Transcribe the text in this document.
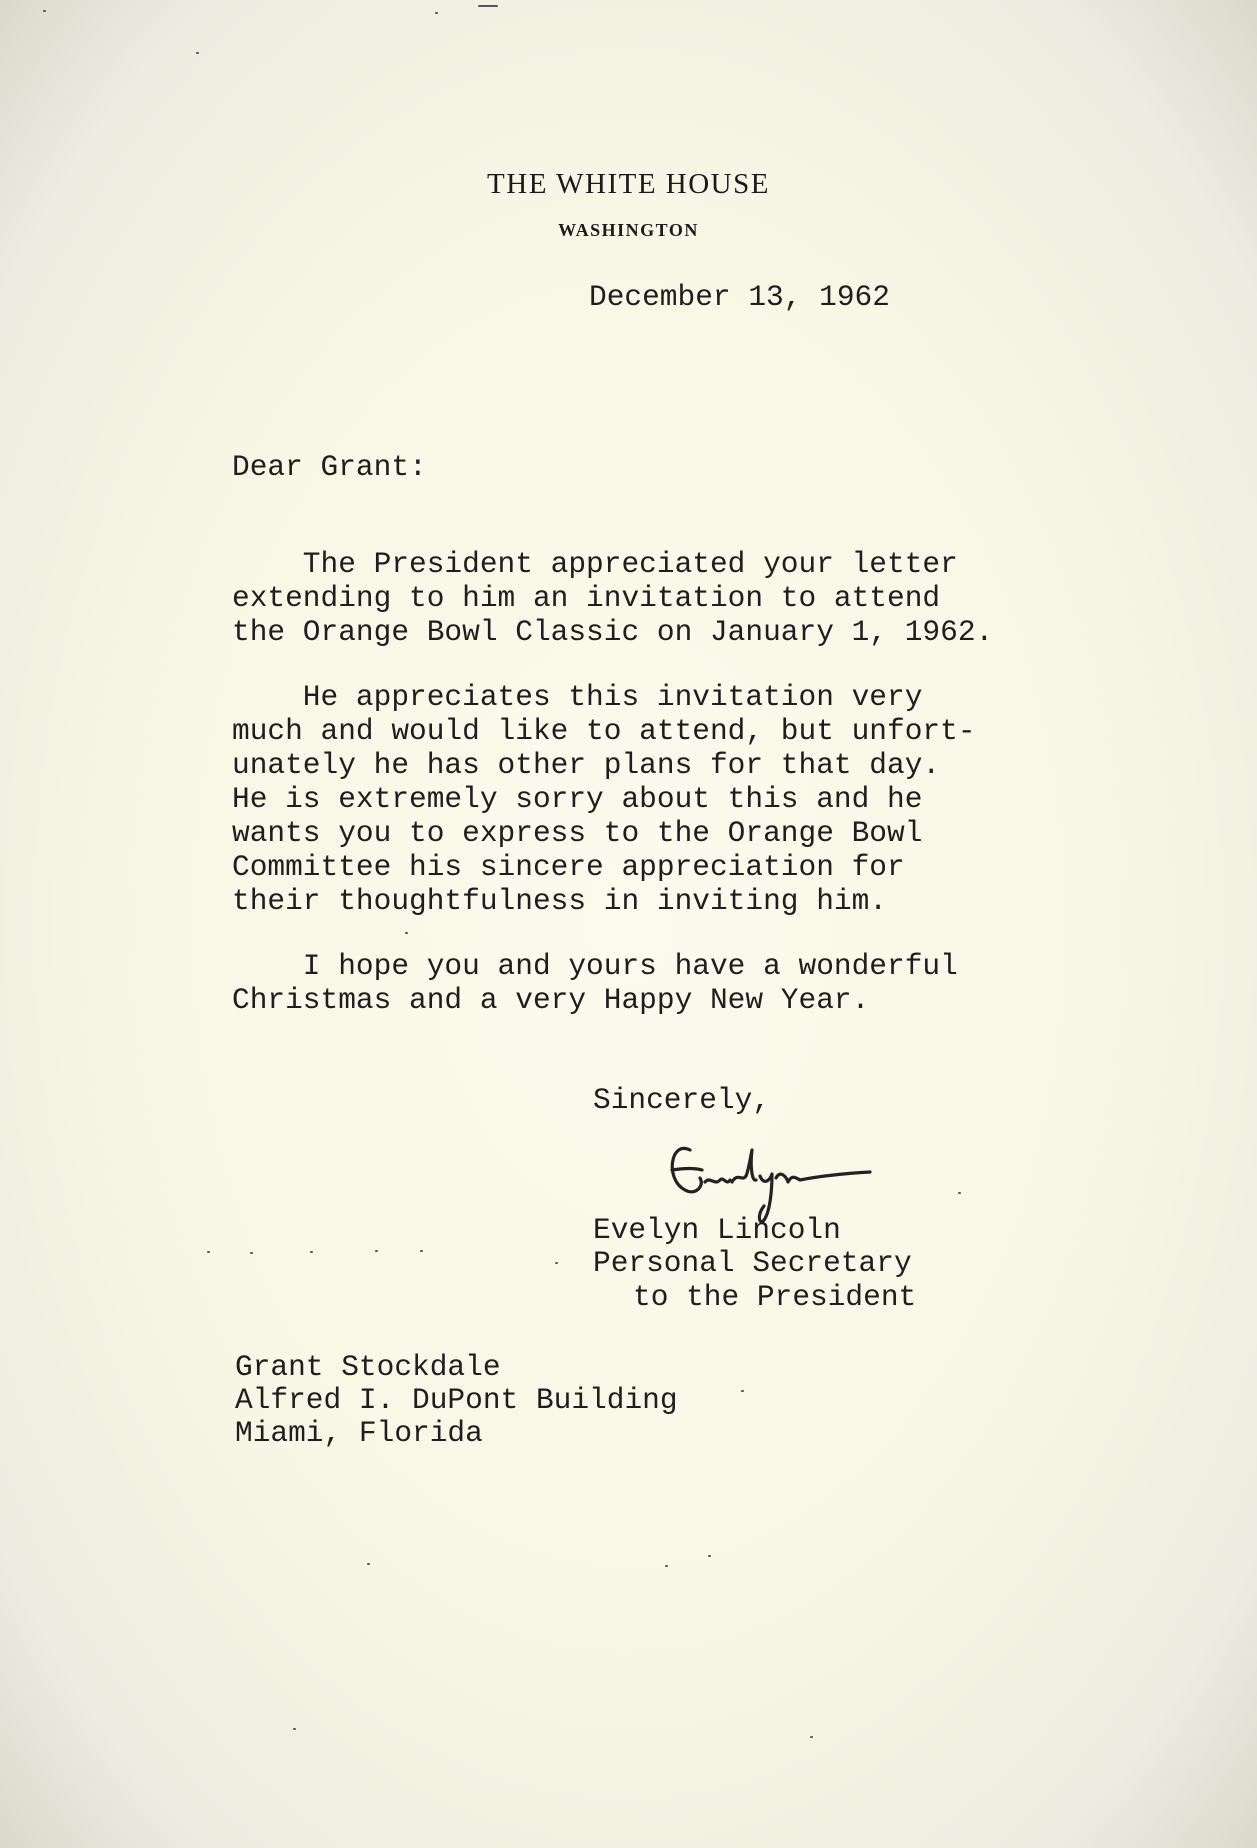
THE WHITE HOUSE
WASHINGTON
December 13, 1962
Dear Grant:
The President appreciated your letter
extending to him an invitation to attend
the Orange Bowl Classic on January 1, 1962.
He appreciates this invitation very
much and would like to attend, but unfort-
unately he has other plans for that day.
He is extremely sorry about this and he
wants you to express to the Orange Bowl
Committee his sincere appreciation for
their thoughtfulness in inviting him.
I hope you and yours have a wonderful
Christmas and a very Happy New Year.
Sincerely,
Evelyn Lincoln
Personal Secretary
to the President
Grant Stockdale
Alfred I. DuPont Building
Miami, Florida
